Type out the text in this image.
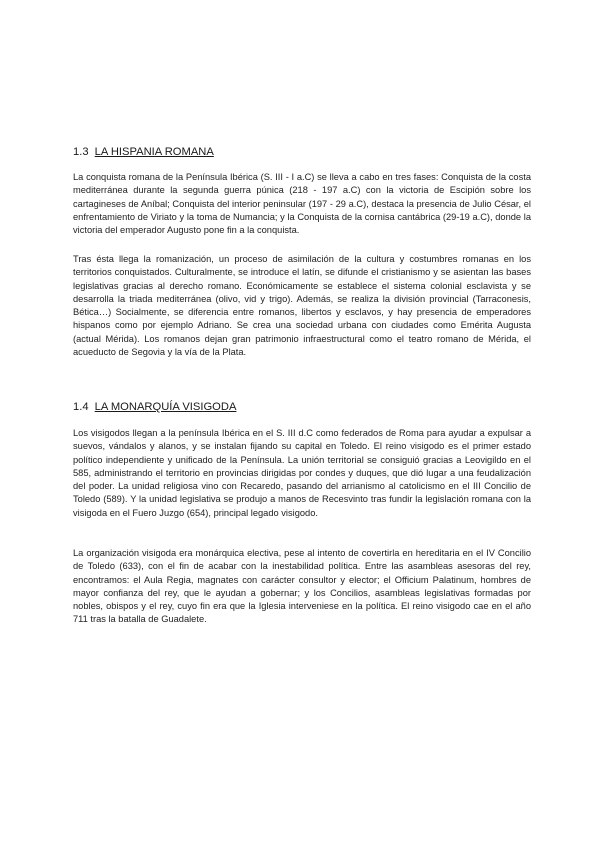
1.3 LA HISPANIA ROMANA
La conquista romana de la Península Ibérica (S. III - I a.C) se lleva a cabo en tres fases: Conquista de la costa mediterránea durante la segunda guerra púnica (218 - 197 a.C) con la victoria de Escipión sobre los cartagineses de Aníbal; Conquista del interior peninsular (197 - 29 a.C), destaca la presencia de Julio César, el enfrentamiento de Viriato y la toma de Numancia; y la Conquista de la cornisa cantábrica (29-19 a.C), donde la victoria del emperador Augusto pone fin a la conquista.
Tras ésta llega la romanización, un proceso de asimilación de la cultura y costumbres romanas en los territorios conquistados. Culturalmente, se introduce el latín, se difunde el cristianismo y se asientan las bases legislativas gracias al derecho romano. Económicamente se establece el sistema colonial esclavista y se desarrolla la triada mediterránea (olivo, vid y trigo). Además, se realiza la división provincial (Tarraconesis, Bética…) Socialmente, se diferencia entre romanos, libertos y esclavos, y hay presencia de emperadores hispanos como por ejemplo Adriano. Se crea una sociedad urbana con ciudades como Emérita Augusta (actual Mérida). Los romanos dejan gran patrimonio infraestructural como el teatro romano de Mérida, el acueducto de Segovia y la vía de la Plata.
1.4 LA MONARQUÍA VISIGODA
Los visigodos llegan a la península Ibérica en el S. III d.C como federados de Roma para ayudar a expulsar a suevos, vándalos y alanos, y se instalan fijando su capital en Toledo. El reino visigodo es el primer estado político independiente y unificado de la Península. La unión territorial se consiguió gracias a Leovigildo en el 585, administrando el territorio en provincias dirigidas por condes y duques, que dió lugar a una feudalización del poder. La unidad religiosa vino con Recaredo, pasando del arrianismo al catolicismo en el III Concilio de Toledo (589). Y la unidad legislativa se produjo a manos de Recesvinto tras fundir la legislación romana con la visigoda en el Fuero Juzgo (654), principal legado visigodo.
La organización visigoda era monárquica electiva, pese al intento de covertirla en hereditaria en el IV Concilio de Toledo (633), con el fin de acabar con la inestabilidad política. Entre las asambleas asesoras del rey, encontramos: el Aula Regia, magnates con carácter consultor y elector; el Officium Palatinum, hombres de mayor confianza del rey, que le ayudan a gobernar; y los Concilios, asambleas legislativas formadas por nobles, obispos y el rey, cuyo fin era que la Iglesia interveniese en la política. El reino visigodo cae en el año 711 tras la batalla de Guadalete.
